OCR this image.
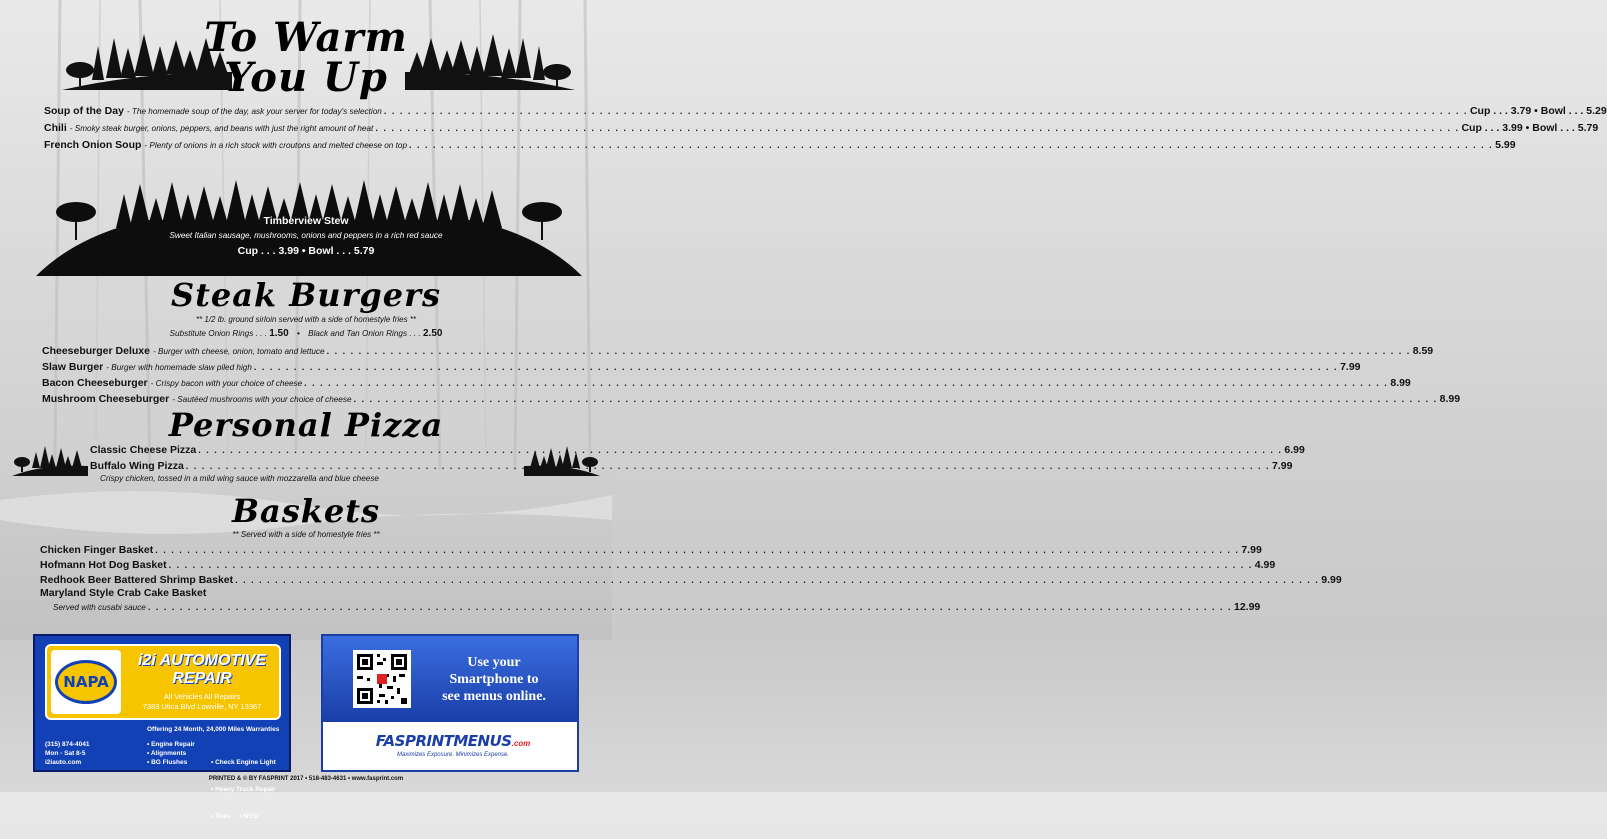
To Warm
You Up
Soup of the Day - The homemade soup of the day, ask your server for today's selection . . .	Cup . . . 3.79 • Bowl . . . 5.29
Chili - Smoky steak burger, onions, peppers, and beans with just the right amount of heat . . .	Cup . . . 3.99 • Bowl . . . 5.79
French Onion Soup - Plenty of onions in a rich stock with croutons and melted cheese on top . . .	5.99
Timberview Stew
Sweet Italian sausage, mushrooms, onions and peppers in a rich red sauce
Cup . . . 3.99 • Bowl . . . 5.79
Steak Burgers
** 1/2 lb. ground sirloin served with a side of homestyle fries **
Substitute Onion Rings . . . 1.50 • Black and Tan Onion Rings . . . 2.50
Cheeseburger Deluxe - Burger with cheese, onion, tomato and lettuce . . .	8.59
Slaw Burger - Burger with homemade slaw piled high . . .	7.99
Bacon Cheeseburger - Crispy bacon with your choice of cheese . . .	8.99
Mushroom Cheeseburger - Sautéed mushrooms with your choice of cheese . . .	8.99
Personal Pizza
Classic Cheese Pizza . . .	6.99
Buffalo Wing Pizza . . .	7.99
Crispy chicken, tossed in a mild wing sauce with mozzarella and blue cheese
Baskets
** Served with a side of homestyle fries **
Chicken Finger Basket . . .	7.99
Hofmann Hot Dog Basket . . .	4.99
Redhook Beer Battered Shrimp Basket . . .	9.99
Maryland Style Crab Cake Basket
Served with cusabi sauce . . .	12.99
NAPA
i2i AUTOMOTIVE
REPAIR
All Vehicles All Repairs
7383 Utica Blvd Lowville, NY 13367
Offering 24 Month, 24,000 Miles Warranties
(315) 874-4041
Mon - Sat 8-5
i2iauto.com
• Engine Repair
• Alignments
• BG Flushes

	• Check Engine Light

• Heavy Truck Repair

• Tires     • NYSI

Use your
Smartphone to
see menus online.
FASPRINTMENUS.com
Maximizes Exposure. Minimizes Expense.
PRINTED & © BY FASPRINT 2017 • 518-483-4631 • www.fasprint.com
